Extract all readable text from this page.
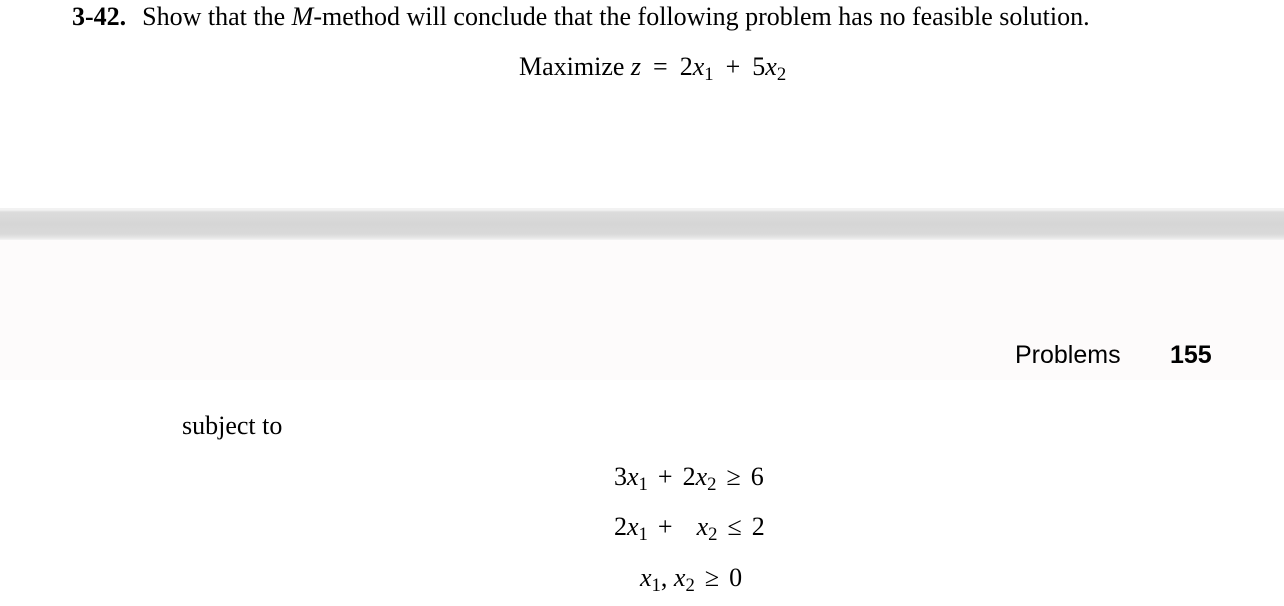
3-42. Show that the M-method will conclude that the following problem has no feasible solution.

Maximize $z = 2x_1 + 5x_2$
Problems 155
subject to
$3x_1 + 2x_2 \ge 6$
$2x_1 + x_2 \le 2$
$x_1$, $x_2 \ge 0$
